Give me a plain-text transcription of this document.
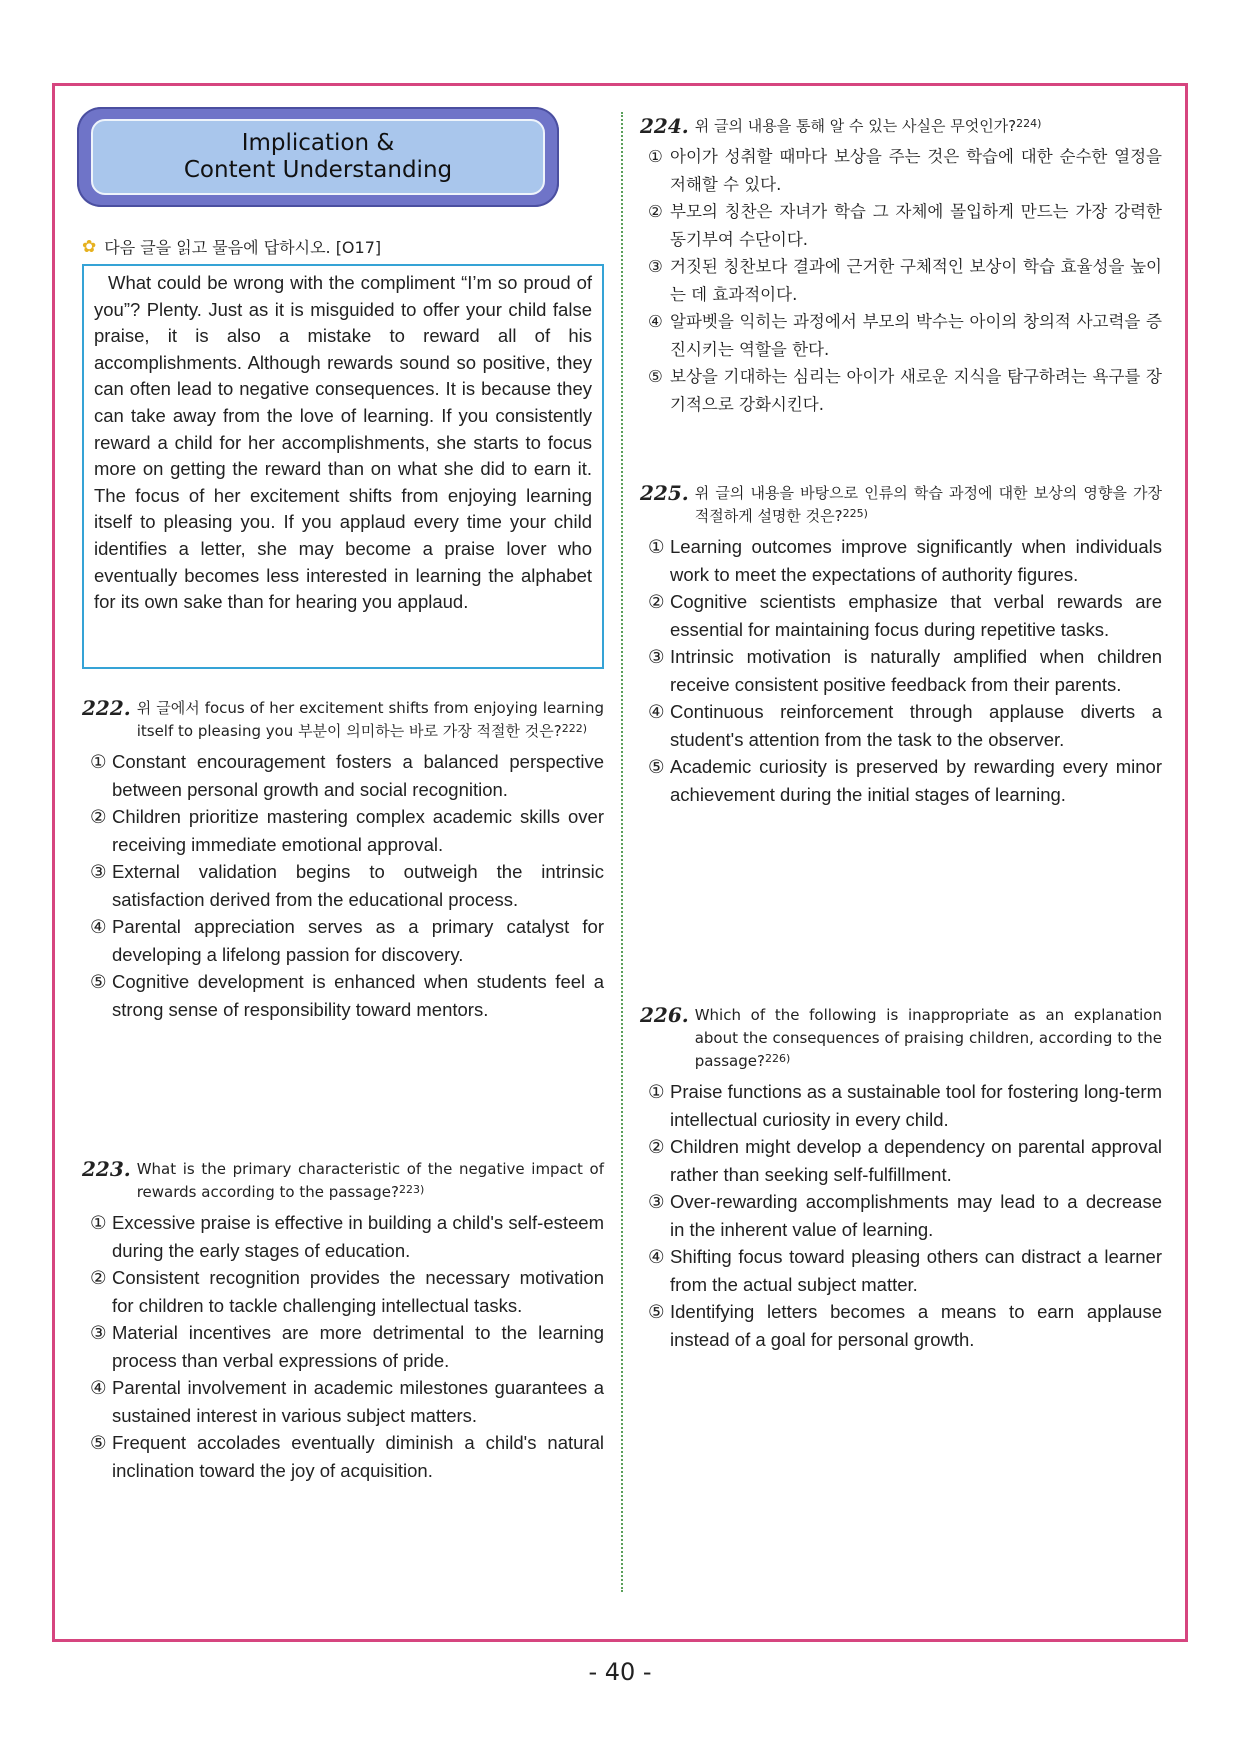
Implication &
Content Understanding
✿ 다음 글을 읽고 물음에 답하시오. [O17]
What could be wrong with the compliment “I’m so proud of you”? Plenty. Just as it is misguided to offer your child false praise, it is also a mistake to reward all of his accomplishments. Although rewards sound so positive, they can often lead to negative consequences. It is because they can take away from the love of learning. If you consistently reward a child for her accomplishments, she starts to focus more on getting the reward than on what she did to earn it. The focus of her excitement shifts from enjoying learning itself to pleasing you. If you applaud every time your child identifies a letter, she may become a praise lover who eventually becomes less interested in learning the alphabet for its own sake than for hearing you applaud.
222. 위 글에서 focus of her excitement shifts from enjoying learning itself to pleasing you 부분이 의미하는 바로 가장 적절한 것은?$^{222)}$
① Constant encouragement fosters a balanced perspective between personal growth and social recognition.
② Children prioritize mastering complex academic skills over receiving immediate emotional approval.
③ External validation begins to outweigh the intrinsic satisfaction derived from the educational process.
④ Parental appreciation serves as a primary catalyst for developing a lifelong passion for discovery.
⑤ Cognitive development is enhanced when students feel a strong sense of responsibility toward mentors.
223. What is the primary characteristic of the negative impact of rewards according to the passage?$^{223)}$
① Excessive praise is effective in building a child's self-esteem during the early stages of education.
② Consistent recognition provides the necessary motivation for children to tackle challenging intellectual tasks.
③ Material incentives are more detrimental to the learning process than verbal expressions of pride.
④ Parental involvement in academic milestones guarantees a sustained interest in various subject matters.
⑤ Frequent accolades eventually diminish a child's natural inclination toward the joy of acquisition.
224. 위 글의 내용을 통해 알 수 있는 사실은 무엇인가?$^{224)}$
① 아이가 성취할 때마다 보상을 주는 것은 학습에 대한 순수한 열정을 저해할 수 있다.
② 부모의 칭찬은 자녀가 학습 그 자체에 몰입하게 만드는 가장 강력한 동기부여 수단이다.
③ 거짓된 칭찬보다 결과에 근거한 구체적인 보상이 학습 효율성을 높이는 데 효과적이다.
④ 알파벳을 익히는 과정에서 부모의 박수는 아이의 창의적 사고력을 증진시키는 역할을 한다.
⑤ 보상을 기대하는 심리는 아이가 새로운 지식을 탐구하려는 욕구를 장기적으로 강화시킨다.
225. 위 글의 내용을 바탕으로 인류의 학습 과정에 대한 보상의 영향을 가장 적절하게 설명한 것은?$^{225)}$
① Learning outcomes improve significantly when individuals work to meet the expectations of authority figures.
② Cognitive scientists emphasize that verbal rewards are essential for maintaining focus during repetitive tasks.
③ Intrinsic motivation is naturally amplified when children receive consistent positive feedback from their parents.
④ Continuous reinforcement through applause diverts a student's attention from the task to the observer.
⑤ Academic curiosity is preserved by rewarding every minor achievement during the initial stages of learning.
226. Which of the following is inappropriate as an explanation about the consequences of praising children, according to the passage?$^{226)}$
① Praise functions as a sustainable tool for fostering long-term intellectual curiosity in every child.
② Children might develop a dependency on parental approval rather than seeking self-fulfillment.
③ Over-rewarding accomplishments may lead to a decrease in the inherent value of learning.
④ Shifting focus toward pleasing others can distract a learner from the actual subject matter.
⑤ Identifying letters becomes a means to earn applause instead of a goal for personal growth.
- 40 -
